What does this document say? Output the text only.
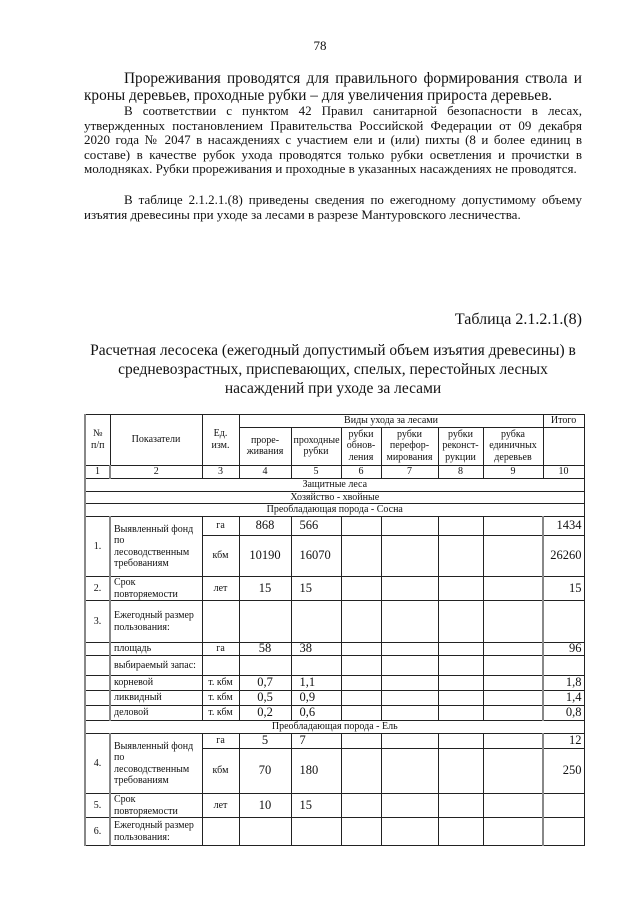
78
Прореживания проводятся для правильного формирования ствола и кроны деревьев, проходные рубки – для увеличения прироста деревьев.
В соответствии с пунктом 42 Правил санитарной безопасности в лесах, утвержденных постановлением Правительства Российской Федерации от 09 декабря 2020 года № 2047 в насаждениях с участием ели и (или) пихты (8 и более единиц в составе) в качестве рубок ухода проводятся только рубки осветления и прочистки в молодняках. Рубки прореживания и проходные в указанных насаждениях не проводятся.
В таблице 2.1.2.1.(8) приведены сведения по ежегодному допустимому объему изъятия древесины при уходе за лесами в разрезе Мантуровского лесничества.
Таблица 2.1.2.1.(8)
Расчетная лесосека (ежегодный допустимый объем изъятия древесины) в средневозрастных, приспевающих, спелых, перестойных лесных насаждений при уходе за лесами
№ п/п	Показатели	Ед. изм.	Виды ухода за лесами						Итого
			проре-живания	проходные рубки	рубки обнов-ления	рубки перефор-мирования	рубки реконст-рукции	рубка единичных деревьев	
1	2	3	4	5	6	7	8	9	10
Защитные леса									
Хозяйство - хвойные									
Преобладающая порода - Сосна									
1.	Выявленный фонд по лесоводственным требованиям	га	868	566					1434
		кбм	10190	16070					26260
2.	Срок повторяемости	лет	15	15					15
3.	Ежегодный размер пользования:								
	площадь	га	58	38					96
	выбираемый запас:								
	корневой	т. кбм	0,7	1,1					1,8
	ликвидный	т. кбм	0,5	0,9					1,4
	деловой	т. кбм	0,2	0,6					0,8
Преобладающая порода - Ель									
4.	Выявленный фонд по лесоводственным требованиям	га	5	7					12
		кбм	70	180					250
5.	Срок повторяемости	лет	10	15					
6.	Ежегодный размер пользования:								
